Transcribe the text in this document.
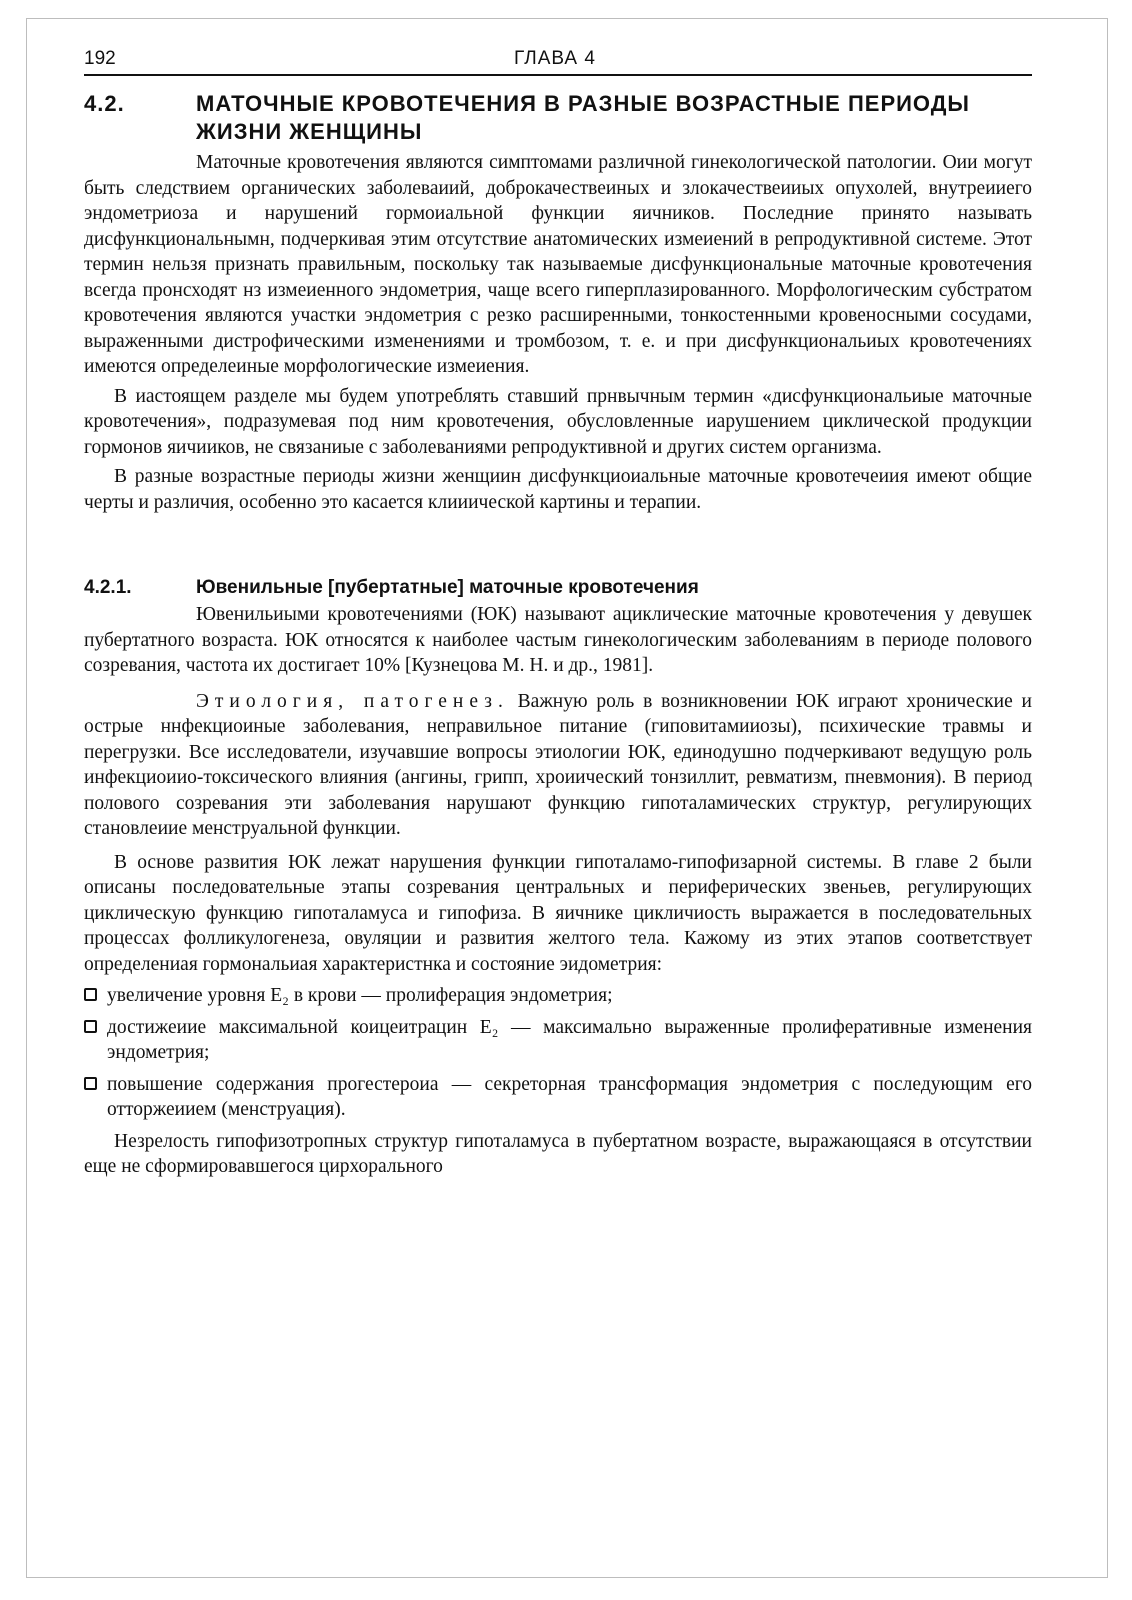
192	ГЛАВА 4
4.2.	МАТОЧНЫЕ КРОВОТЕЧЕНИЯ В РАЗНЫЕ ВОЗРАСТНЫЕ ПЕРИОДЫ ЖИЗНИ ЖЕНЩИНЫ

Маточные кровотечения являются симптомами различной гинекологической патологии. Оии могут быть следствием органических заболеваиий, доброкачествеиных и злокачествеииых опухолей, внутреииего эндометриоза и нарушений гормоиальной функции яичников. Последние принято называть дисфункциональнымн, подчеркивая этим отсутствие анатомических измеиений в репродуктивной системе. Этот термин нельзя признать правильным, поскольку так называемые дисфункциональные маточные кровотечения всегда пронсходят нз измеиенного эндометрия, чаще всего гиперплазированного. Морфологическим субстратом кровотечения являются участки эндометрия с резко расширенными, тонкостенными кровеносными сосудами, выраженными дистрофическими изменениями и тромбозом, т. е. и при дисфункциональиых кровотечениях имеются определеиные морфологические измеиения.

В иастоящем разделе мы будем употреблять ставший прнвычным термин «дисфункциональиые маточные кровотечения», подразумевая под ним кровотечения, обусловленные иарушением циклической продукции гормонов яичииков, не связаниые с заболеваниями репродуктивной и других систем организма.

В разные возрастные периоды жизни женщиин дисфункциоиальные маточные кровотечеиия имеют общие черты и различия, особенно это касается клииической картины и терапии.

4.2.1.	Ювенильные [пубертатные] маточные кровотечения

Ювенильиыми кровотечениями (ЮК) называют ациклические маточные кровотечения у девушек пубертатного возраста. ЮК относятся к наиболее частым гинекологическим заболеваниям в периоде полового созревания, частота их достигает 10% [Кузнецова М. Н. и др., 1981].

Этиология, патогенез. Важную роль в возникновении ЮК играют хронические и острые ннфекциоиные заболевания, неправильное питание (гиповитамииозы), психические травмы и перегрузки. Все исследователи, изучавшие вопросы этиологии ЮК, единодушно подчеркивают ведущую роль инфекциоиио-токсического влияния (ангины, грипп, хроиический тонзиллит, ревматизм, пневмония). В период полового созревания эти заболевания нарушают функцию гипоталамических структур, регулирующих становлеиие менструальной функции.

В основе развития ЮК лежат нарушения функции гипоталамо-гипофизарной системы. В главе 2 были описаны последовательные этапы созревания центральных и периферических звеньев, регулирующих циклическую функцию гипоталамуса и гипофиза. В яичнике цикличиость выражается в последовательных процессах фолликулогенеза, овуляции и развития желтого тела. Кажому из этих этапов соответствует определениая гормональиая характеристнка и состояние эидометрия:

увеличение уровня E₂ в крови — пролиферация эндометрия;
достижеиие максимальной коицеитрацин E₂ — максимально выраженные пролиферативные изменения эндометрия;
повышение содержания прогестероиа — секреторная трансформация эндометрия с последующим его отторжеиием (менструация).

Незрелость гипофизотропных структур гипоталамуса в пубертатном возрасте, выражающаяся в отсутствии еще не сформировавшегося цирхорального
